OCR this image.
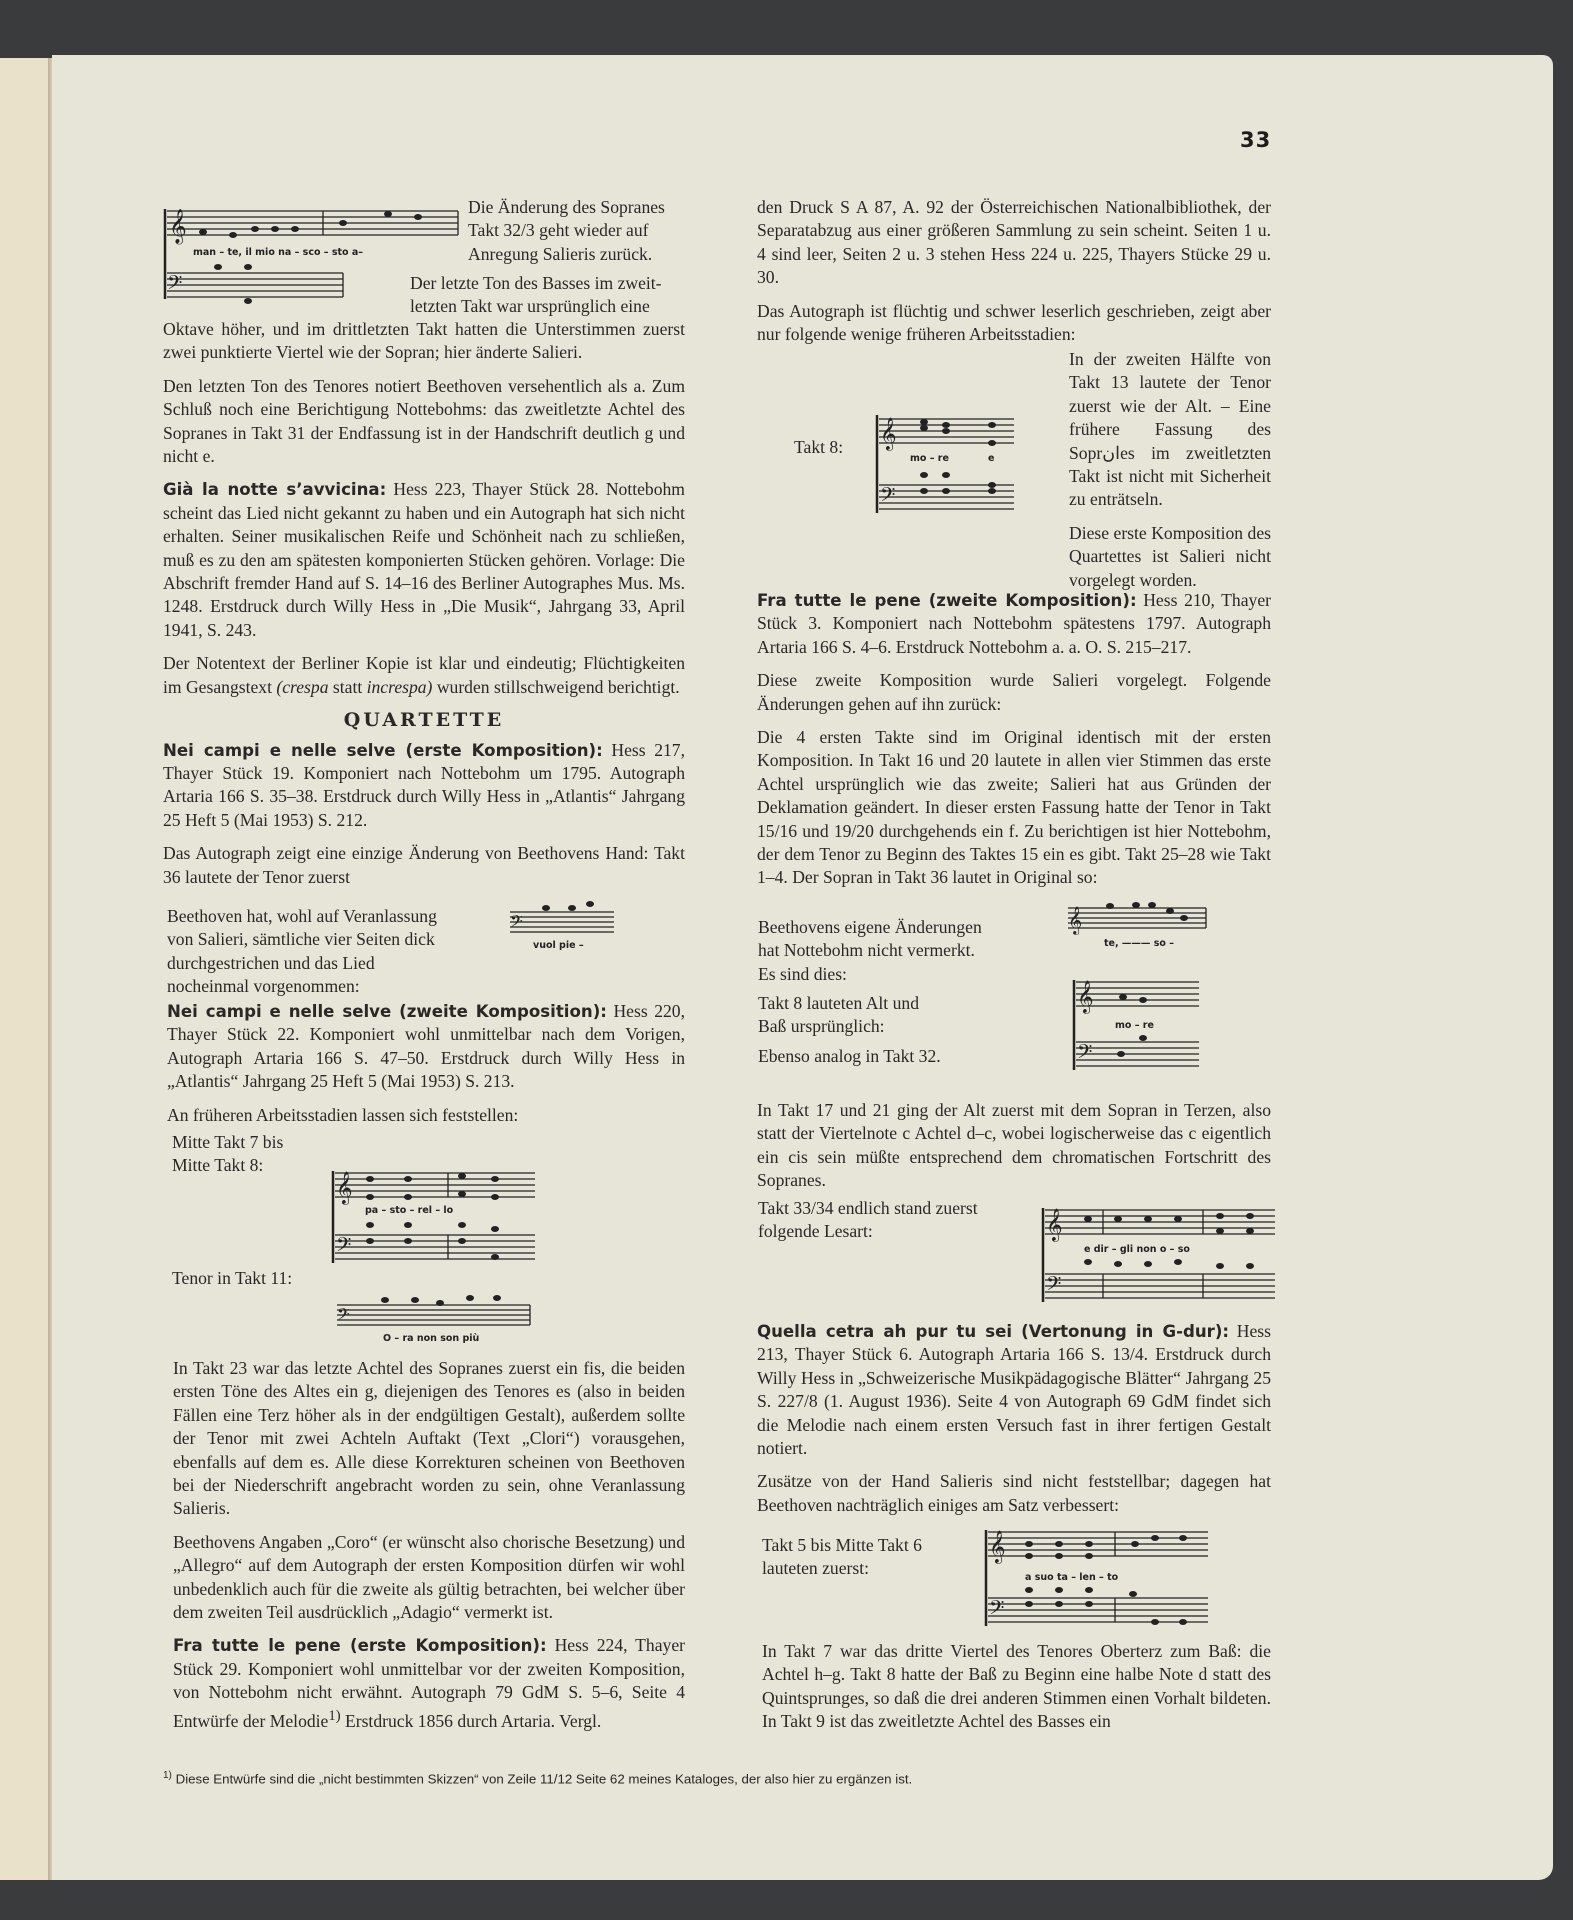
33
𝄞
man – te, il mio na – sco – sto a–
𝄢
Die Änderung des Sopranes
Takt 32/3 geht wieder auf
Anregung Salieris zurück.
Der letzte Ton des Basses im zweit-
letzten Takt war ursprünglich eine

Oktave höher, und im drittletzten Takt hatten die Unterstimmen zuerst zwei punktierte Viertel wie der Sopran; hier änderte Salieri.

Den letzten Ton des Tenores notiert Beethoven versehentlich als a. Zum Schluß noch eine Berichtigung Nottebohms: das zweitletzte Achtel des Sopranes in Takt 31 der Endfassung ist in der Handschrift deutlich g und nicht e.

Già la notte s’avvicina: Hess 223, Thayer Stück 28. Nottebohm scheint das Lied nicht gekannt zu haben und ein Autograph hat sich nicht erhalten. Seiner musikalischen Reife und Schönheit nach zu schließen, muß es zu den am spätesten komponierten Stücken gehören. Vorlage: Die Abschrift fremder Hand auf S. 14–16 des Berliner Autographes Mus. Ms. 1248. Erstdruck durch Willy Hess in „Die Musik“, Jahrgang 33, April 1941, S. 243.

Der Notentext der Berliner Kopie ist klar und eindeutig; Flüchtigkeiten im Gesangstext (crespa statt increspa) wurden stillschweigend berichtigt.

QUARTETTE

Nei campi e nelle selve (erste Komposition): Hess 217, Thayer Stück 19. Komponiert nach Nottebohm um 1795. Autograph Artaria 166 S. 35–38. Erstdruck durch Willy Hess in „Atlantis“ Jahrgang 25 Heft 5 (Mai 1953) S. 212.

Das Autograph zeigt eine einzige Änderung von Beethovens Hand: Takt 36 lautete der Tenor zuerst

Beethoven hat, wohl auf Veranlassung
von Salieri, sämtliche vier Seiten dick
durchgestrichen und das Lied
nocheinmal vorgenommen:
𝄢
vuol pie –

Nei campi e nelle selve (zweite Komposition): Hess 220, Thayer Stück 22. Komponiert wohl unmittelbar nach dem Vorigen, Autograph Artaria 166 S. 47–50. Erstdruck durch Willy Hess in „Atlantis“ Jahrgang 25 Heft 5 (Mai 1953) S. 213.

An früheren Arbeitsstadien lassen sich feststellen:

Mitte Takt 7 bis
Mitte Takt 8:
𝄞
pa – sto – rel – lo
𝄢
Tenor in Takt 11:
𝄢
O – ra non son più

In Takt 23 war das letzte Achtel des Sopranes zuerst ein fis, die beiden ersten Töne des Altes ein g, diejenigen des Tenores es (also in beiden Fällen eine Terz höher als in der endgültigen Gestalt), außerdem sollte der Tenor mit zwei Achteln Auftakt (Text „Clori“) vorausgehen, ebenfalls auf dem es. Alle diese Korrekturen scheinen von Beethoven bei der Niederschrift angebracht worden zu sein, ohne Veranlassung Salieris.

Beethovens Angaben „Coro“ (er wünscht also chorische Besetzung) und „Allegro“ auf dem Autograph der ersten Komposition dürfen wir wohl unbedenklich auch für die zweite als gültig betrachten, bei welcher über dem zweiten Teil ausdrücklich „Adagio“ vermerkt ist.

Fra tutte le pene (erste Komposition): Hess 224, Thayer Stück 29. Komponiert wohl unmittelbar vor der zweiten Komposition, von Nottebohm nicht erwähnt. Autograph 79 GdM S. 5–6, Seite 4 Entwürfe der Melodie$^{1)}$ Erstdruck 1856 durch Artaria. Vergl.

den Druck S A 87, A. 92 der Österreichischen Nationalbibliothek, der Separatabzug aus einer größeren Sammlung zu sein scheint. Seiten 1 u. 4 sind leer, Seiten 2 u. 3 stehen Hess 224 u. 225, Thayers Stücke 29 u. 30.

Das Autograph ist flüchtig und schwer leserlich geschrieben, zeigt aber nur folgende wenige früheren Arbeitsstadien:

Takt 8: 𝄞
mo – re	e
𝄢

In der zweiten Hälfte von Takt 13 lautete der Tenor zuerst wie der Alt. – Eine frühere Fassung des Soprانes im zweitletzten Takt ist nicht mit Sicherheit zu enträtseln.

Diese erste Komposition des Quartettes ist Salieri nicht vorgelegt worden.

Fra tutte le pene (zweite Komposition): Hess 210, Thayer Stück 3. Komponiert nach Nottebohm spätestens 1797. Autograph Artaria 166 S. 4–6. Erstdruck Nottebohm a. a. O. S. 215–217.

Diese zweite Komposition wurde Salieri vorgelegt. Folgende Änderungen gehen auf ihn zurück:

Die 4 ersten Takte sind im Original identisch mit der ersten Komposition. In Takt 16 und 20 lautete in allen vier Stimmen das erste Achtel ursprünglich wie das zweite; Salieri hat aus Gründen der Deklamation geändert. In dieser ersten Fassung hatte der Tenor in Takt 15/16 und 19/20 durchgehends ein f. Zu berichtigen ist hier Nottebohm, der dem Tenor zu Beginn des Taktes 15 ein es gibt. Takt 25–28 wie Takt 1–4. Der Sopran in Takt 36 lautet in Original so:

𝄞
te, ——— so –
Beethovens eigene Änderungen
hat Nottebohm nicht vermerkt.
Es sind dies:
Takt 8 lauteten Alt und
Baß ursprünglich:
Ebenso analog in Takt 32.
𝄞
mo – re
𝄢

In Takt 17 und 21 ging der Alt zuerst mit dem Sopran in Terzen, also statt der Viertelnote c Achtel d–c, wobei logischerweise das c eigentlich ein cis sein müßte entsprechend dem chromatischen Fortschritt des Sopranes.

Takt 33/34 endlich stand zuerst
folgende Lesart:	𝄞
e dir – gli non o – so
𝄢

Quella cetra ah pur tu sei (Vertonung in G-dur): Hess 213, Thayer Stück 6. Autograph Artaria 166 S. 13/4. Erstdruck durch Willy Hess in „Schweizerische Musikpädagogische Blätter“ Jahrgang 25 S. 227/8 (1. August 1936). Seite 4 von Autograph 69 GdM findet sich die Melodie nach einem ersten Versuch fast in ihrer fertigen Gestalt notiert.

Zusätze von der Hand Salieris sind nicht feststellbar; dagegen hat Beethoven nachträglich einiges am Satz verbessert:

Takt 5 bis Mitte Takt 6
lauteten zuerst:
𝄞
a suo ta – len – to
𝄢

In Takt 7 war das dritte Viertel des Tenores Oberterz zum Baß: die Achtel h–g. Takt 8 hatte der Baß zu Beginn eine halbe Note d statt des Quintsprunges, so daß die drei anderen Stimmen einen Vorhalt bildeten. In Takt 9 ist das zweitletzte Achtel des Basses ein

$^{1)}$ Diese Entwürfe sind die „nicht bestimmten Skizzen“ von Zeile 11/12 Seite 62 meines Kataloges, der also hier zu ergänzen ist.
